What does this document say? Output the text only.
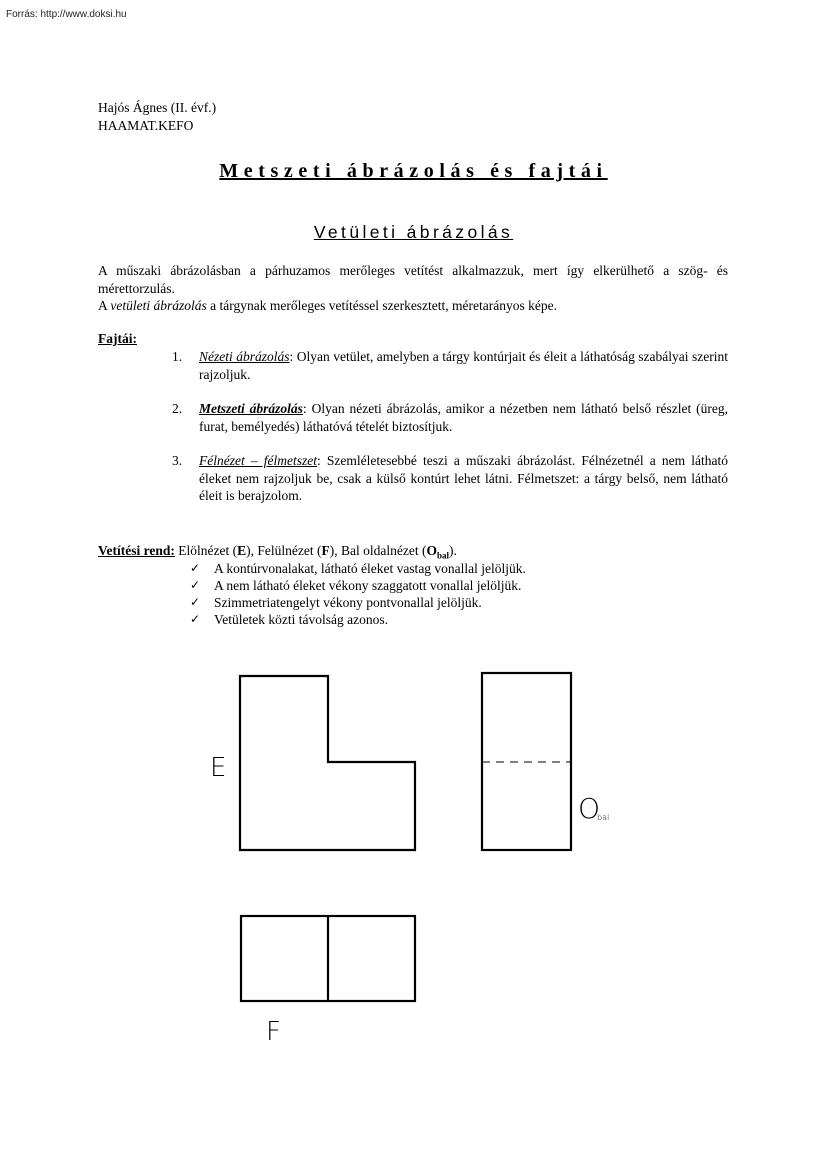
Forrás: http://www.doksi.hu
Hajós Ágnes (II. évf.)
HAAMAT.KEFO
Metszeti ábrázolás és fajtái
Vetületi ábrázolás

A műszaki ábrázolásban a párhuzamos merőleges vetítést alkalmazzuk, mert így elkerülhető a szög- és mérettorzulás.

A vetületi ábrázolás a tárgynak merőleges vetítéssel szerkesztett, méretarányos képe.

Fajtái:
1. Nézeti ábrázolás: Olyan vetület, amelyben a tárgy kontúrjait és éleit a láthatóság szabályai szerint rajzoljuk.
2. Metszeti ábrázolás: Olyan nézeti ábrázolás, amikor a nézetben nem látható belső részlet (üreg, furat, bemélyedés) láthatóvá tételét biztosítjuk.
3. Félnézet – félmetszet: Szemléletesebbé teszi a műszaki ábrázolást. Félnézetnél a nem látható éleket nem rajzoljuk be, csak a külső kontúrt lehet látni. Félmetszet: a tárgy belső, nem látható éleit is berajzolom.
Vetítési rend: Elölnézet (E), Felülnézet (F), Bal oldalnézet $(O_{bal})$.
✓	A kontúrvonalakat, látható éleket vastag vonallal jelöljük.
✓	A nem látható éleket vékony szaggatott vonallal jelöljük.
✓	Szimmetriatengelyt vékony pontvonallal jelöljük.
✓	Vetületek közti távolság azonos.
E
F
O
bal
